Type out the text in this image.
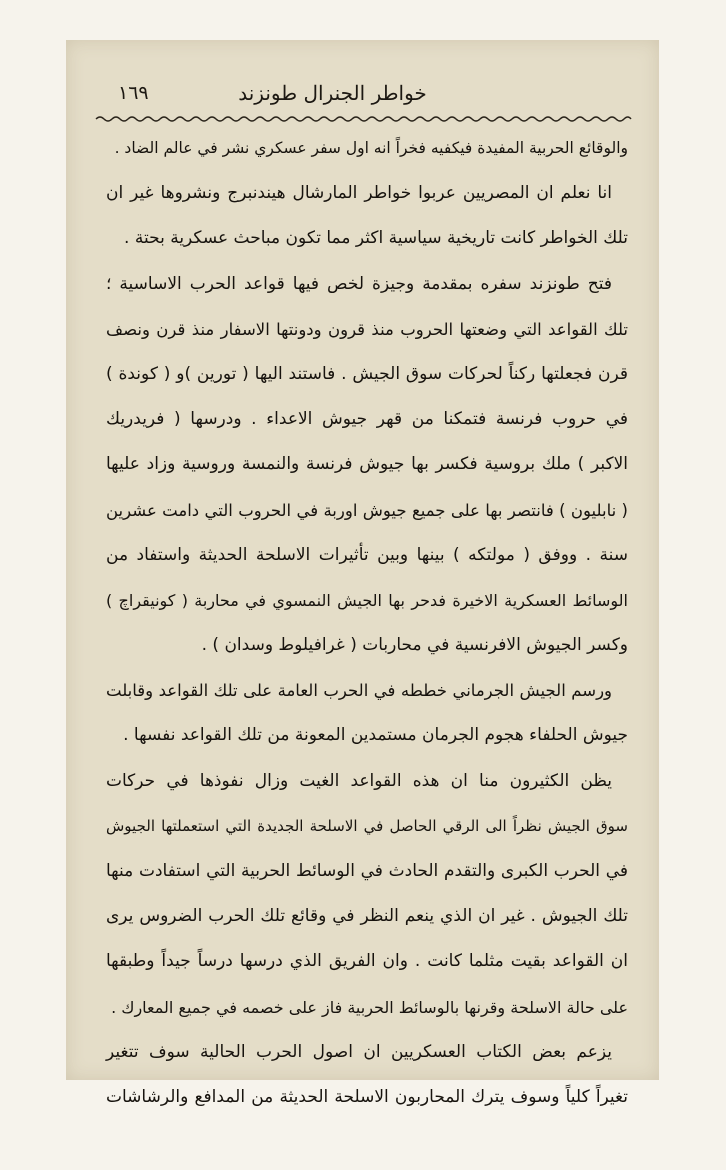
خواطر الجنرال طونزند
١٦٩
والوقائع الحربية المفيدة فيكفيه فخراً انه اول سفر عسكري نشر في عالم الضاد .
انا نعلم ان المصريين عربوا خواطر المارشال هيندنبرج ونشروها غير ان
تلك الخواطر كانت تاريخية سياسية اكثر مما تكون مباحث عسكرية بحتة .
فتح طونزند سفره بمقدمة وجيزة لخص فيها قواعد الحرب الاساسية ؛
تلك القواعد التي وضعتها الحروب منذ قرون ودونتها الاسفار منذ قرن ونصف
قرن فجعلتها ركناً لحركات سوق الجيش . فاستند اليها ( تورين )و ( كوندة )
في حروب فرنسة فتمكنا من قهر جيوش الاعداء . ودرسها ( فريدريك
الاكبر ) ملك بروسية فكسر بها جيوش فرنسة والنمسة وروسية وزاد عليها
( نابليون ) فانتصر بها على جميع جيوش اوربة في الحروب التي دامت عشرين
سنة . ووفق ( مولتكه ) بينها وبين تأثيرات الاسلحة الحديثة واستفاد من
الوسائط العسكرية الاخيرة فدحر بها الجيش النمسوي في محاربة ( كونيقراچ )
وكسر الجيوش الافرنسية في محاربات ( غرافيلوط وسدان ) .
ورسم الجيش الجرماني خططه في الحرب العامة على تلك القواعد وقابلت
جيوش الحلفاء هجوم الجرمان مستمدين المعونة من تلك القواعد نفسها .
يظن الكثيرون منا ان هذه القواعد الغيت وزال نفوذها في حركات
سوق الجيش نظراً الى الرقي الحاصل في الاسلحة الجديدة التي استعملتها الجيوش
في الحرب الكبرى والتقدم الحادث في الوسائط الحربية التي استفادت منها
تلك الجيوش . غير ان الذي ينعم النظر في وقائع تلك الحرب الضروس يرى
ان القواعد بقيت مثلما كانت . وان الفريق الذي درسها درساً جيداً وطبقها
على حالة الاسلحة وقرنها بالوسائط الحربية فاز على خصمه في جميع المعارك .
يزعم بعض الكتاب العسكريين ان اصول الحرب الحالية سوف تتغير
تغيراً كلياً وسوف يترك المحاربون الاسلحة الحديثة من المدافع والرشاشات
